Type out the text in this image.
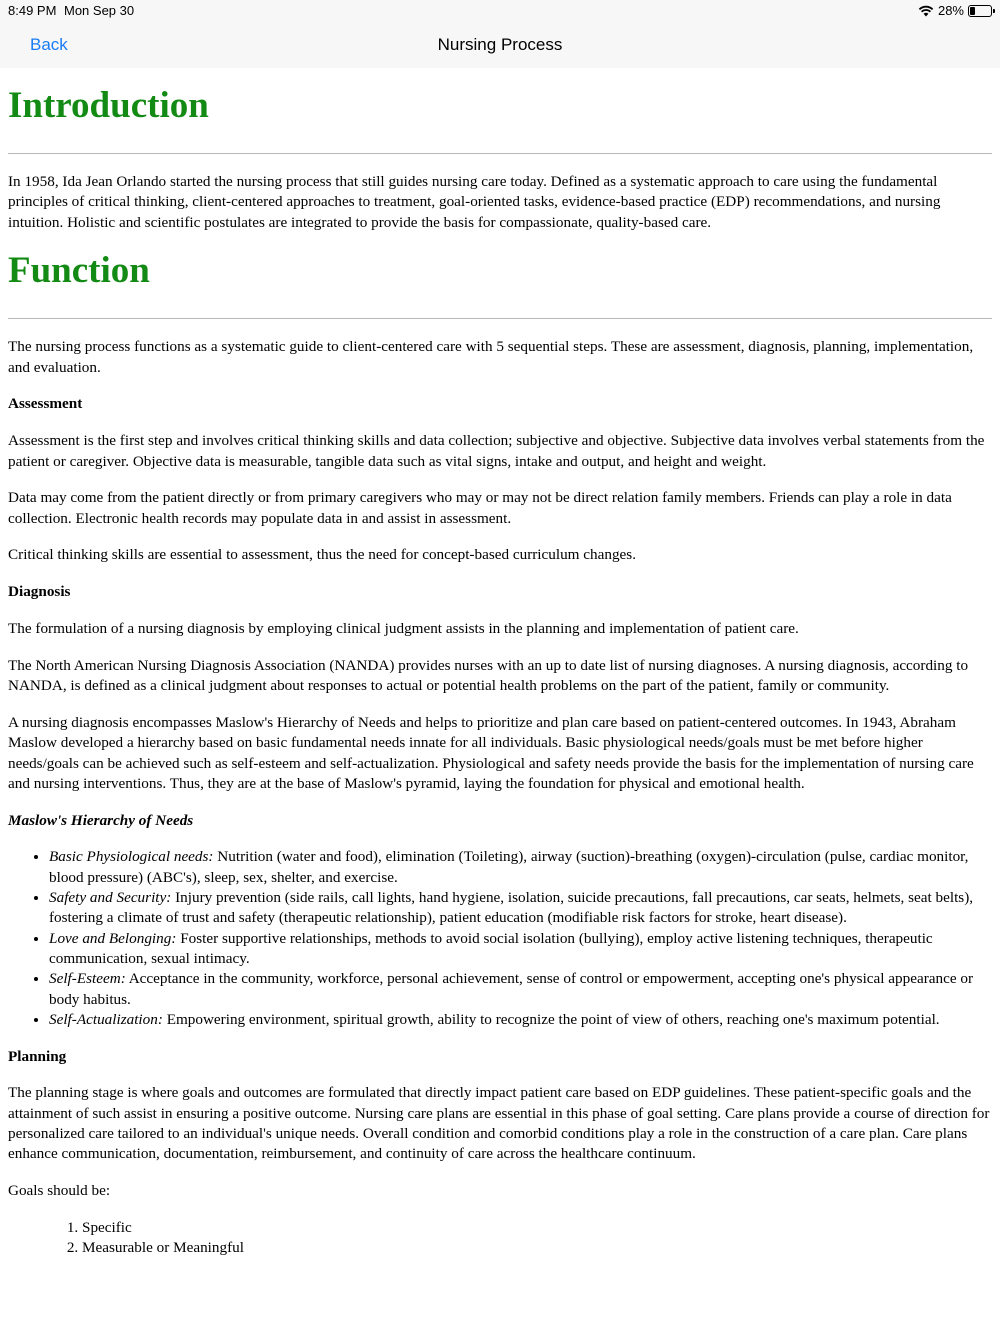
8:49 PM Mon Sep 30	28%
Back	Nursing Process
Introduction

In 1958, Ida Jean Orlando started the nursing process that still guides nursing care today. Defined as a systematic approach to care using the fundamental principles of critical thinking, client-centered approaches to treatment, goal-oriented tasks, evidence-based practice (EDP) recommendations, and nursing intuition. Holistic and scientific postulates are integrated to provide the basis for compassionate, quality-based care.

Function

The nursing process functions as a systematic guide to client-centered care with 5 sequential steps. These are assessment, diagnosis, planning, implementation, and evaluation.

Assessment

Assessment is the first step and involves critical thinking skills and data collection; subjective and objective. Subjective data involves verbal statements from the patient or caregiver. Objective data is measurable, tangible data such as vital signs, intake and output, and height and weight.

Data may come from the patient directly or from primary caregivers who may or may not be direct relation family members. Friends can play a role in data collection. Electronic health records may populate data in and assist in assessment.

Critical thinking skills are essential to assessment, thus the need for concept-based curriculum changes.

Diagnosis

The formulation of a nursing diagnosis by employing clinical judgment assists in the planning and implementation of patient care.

The North American Nursing Diagnosis Association (NANDA) provides nurses with an up to date list of nursing diagnoses. A nursing diagnosis, according to NANDA, is defined as a clinical judgment about responses to actual or potential health problems on the part of the patient, family or community.

A nursing diagnosis encompasses Maslow's Hierarchy of Needs and helps to prioritize and plan care based on patient-centered outcomes. In 1943, Abraham Maslow developed a hierarchy based on basic fundamental needs innate for all individuals. Basic physiological needs/goals must be met before higher needs/goals can be achieved such as self-esteem and self-actualization. Physiological and safety needs provide the basis for the implementation of nursing care and nursing interventions. Thus, they are at the base of Maslow's pyramid, laying the foundation for physical and emotional health.

Maslow's Hierarchy of Needs

• Basic Physiological needs: Nutrition (water and food), elimination (Toileting), airway (suction)-breathing (oxygen)-circulation (pulse, cardiac monitor, blood pressure) (ABC's), sleep, sex, shelter, and exercise.
• Safety and Security: Injury prevention (side rails, call lights, hand hygiene, isolation, suicide precautions, fall precautions, car seats, helmets, seat belts), fostering a climate of trust and safety (therapeutic relationship), patient education (modifiable risk factors for stroke, heart disease).
• Love and Belonging: Foster supportive relationships, methods to avoid social isolation (bullying), employ active listening techniques, therapeutic communication, sexual intimacy.
• Self-Esteem: Acceptance in the community, workforce, personal achievement, sense of control or empowerment, accepting one's physical appearance or body habitus.
• Self-Actualization: Empowering environment, spiritual growth, ability to recognize the point of view of others, reaching one's maximum potential.

Planning

The planning stage is where goals and outcomes are formulated that directly impact patient care based on EDP guidelines. These patient-specific goals and the attainment of such assist in ensuring a positive outcome. Nursing care plans are essential in this phase of goal setting. Care plans provide a course of direction for personalized care tailored to an individual's unique needs. Overall condition and comorbid conditions play a role in the construction of a care plan. Care plans enhance communication, documentation, reimbursement, and continuity of care across the healthcare continuum.

Goals should be:

1. Specific
2. Measurable or Meaningful
